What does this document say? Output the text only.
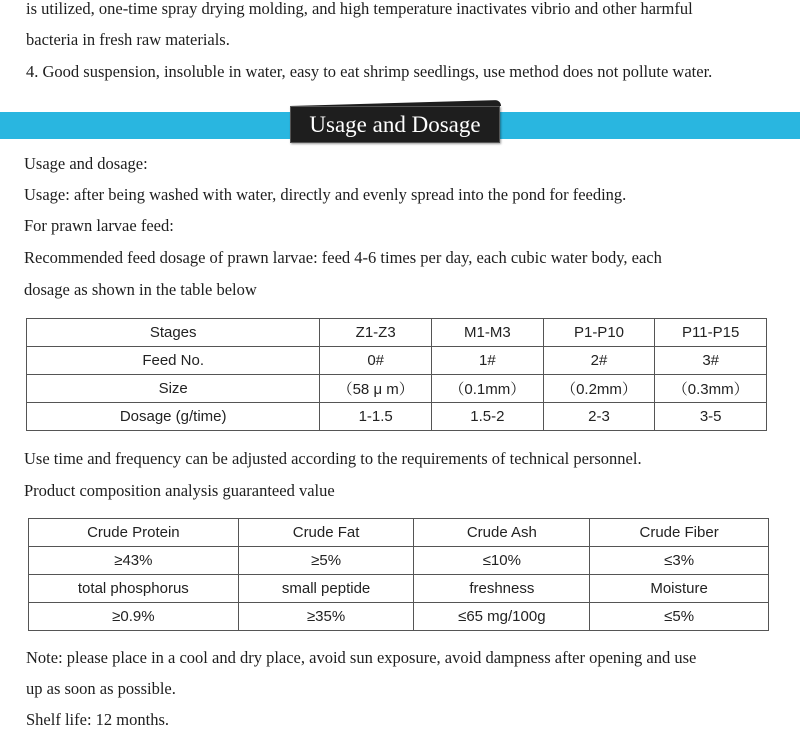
is utilized, one-time spray drying molding, and high temperature inactivates vibrio and other harmful
bacteria in fresh raw materials.
4. Good suspension, insoluble in water, easy to eat shrimp seedlings, use method does not pollute water.
Usage and Dosage
Usage and dosage:
Usage: after being washed with water, directly and evenly spread into the pond for feeding.
For prawn larvae feed:
Recommended feed dosage of prawn larvae: feed 4-6 times per day, each cubic water body, each
dosage as shown in the table below
Stages	Z1-Z3	M1-M3	P1-P10	P11-P15
Feed No.	0#	1#	2#	3#
Size	（58 μ m）	（0.1mm）	（0.2mm）	（0.3mm）
Dosage (g/time)	1-1.5	1.5-2	2-3	3-5
Use time and frequency can be adjusted according to the requirements of technical personnel.
Product composition analysis guaranteed value
Crude Protein	Crude Fat	Crude Ash	Crude Fiber
≥43%	≥5%	≤10%	≤3%
total phosphorus	small peptide	freshness	Moisture
≥0.9%	≥35%	≤65 mg/100g	≤5%
Note: please place in a cool and dry place, avoid sun exposure, avoid dampness after opening and use
up as soon as possible.
Shelf life: 12 months.
